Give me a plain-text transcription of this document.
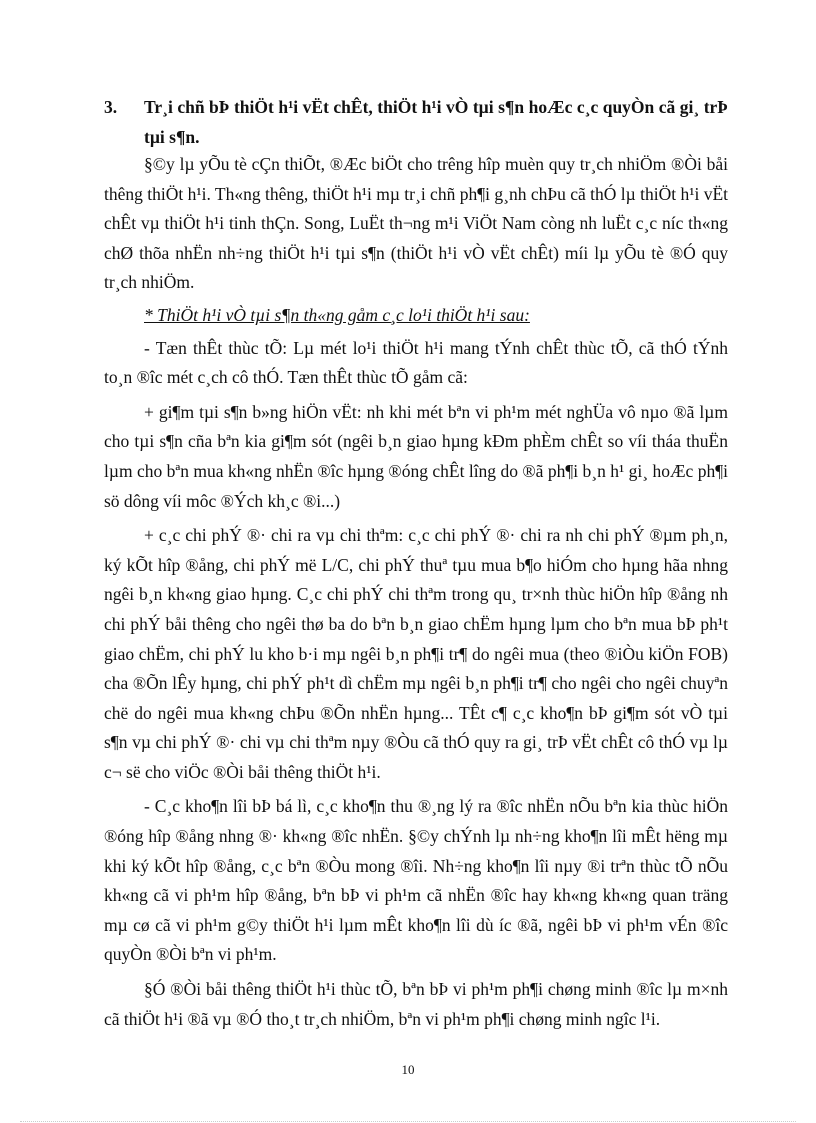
3. Tr¸i chñ bÞ thiÖt h¹i vËt chÊt, thiÖt h¹i vÒ tµi s¶n hoÆc c¸c quyÒn cã gi¸ trÞ tµi s¶n.

§©y lµ yÕu tè cÇn thiÕt, ®Æc biÖt cho trêng hîp muèn quy tr¸ch nhiÖm ®Òi båi thêng thiÖt h¹i. Th«ng thêng, thiÖt h¹i mµ tr¸i chñ ph¶i g¸nh chÞu cã thÓ lµ thiÖt h¹i vËt chÊt vµ thiÖt h¹i tinh thÇn. Song, LuËt th¬ng m¹i ViÖt Nam còng nh luËt c¸c níc th«ng chØ thõa nhËn nh÷ng thiÖt h¹i tµi s¶n (thiÖt h¹i vÒ vËt chÊt) míi lµ yÕu tè ®Ó quy tr¸ch nhiÖm.

* ThiÖt h¹i vÒ tµi s¶n th«ng gåm c¸c lo¹i thiÖt h¹i sau:

- Tæn thÊt thùc tÕ: Lµ mét lo¹i thiÖt h¹i mang tÝnh chÊt thùc tÕ, cã thÓ tÝnh to¸n ®îc mét c¸ch cô thÓ. Tæn thÊt thùc tÕ gåm cã:

+ gi¶m tµi s¶n b»ng hiÖn vËt: nh khi mét bªn vi ph¹m mét nghÜa vô nµo ®ã lµm cho tµi s¶n cña bªn kia gi¶m sót (ngêi b¸n giao hµng kÐm phÈm chÊt so víi tháa thuËn lµm cho bªn mua kh«ng nhËn ®îc hµng ®óng chÊt lîng do ®ã ph¶i b¸n h¹ gi¸ hoÆc ph¶i sö dông víi môc ®Ých kh¸c ®i...)

+ c¸c chi phÝ ®· chi ra vµ chi thªm: c¸c chi phÝ ®· chi ra nh chi phÝ ®µm ph¸n, ký kÕt hîp ®ång, chi phÝ më L/C, chi phÝ thuª tµu mua b¶o hiÓm cho hµng hãa nhng ngêi b¸n kh«ng giao hµng. C¸c chi phÝ chi thªm trong qu¸ tr×nh thùc hiÖn hîp ®ång nh chi phÝ båi thêng cho ngêi thø ba do bªn b¸n giao chËm hµng lµm cho bªn mua bÞ ph¹t giao chËm, chi phÝ lu kho b·i mµ ngêi b¸n ph¶i tr¶ do ngêi mua (theo ®iÒu kiÖn FOB) cha ®Õn lÊy hµng, chi phÝ ph¹t dì chËm mµ ngêi b¸n ph¶i tr¶ cho ngêi cho ngêi chuyªn chë do ngêi mua kh«ng chÞu ®Õn nhËn hµng... TÊt c¶ c¸c kho¶n bÞ gi¶m sót vÒ tµi s¶n vµ chi phÝ ®· chi vµ chi thªm nµy ®Òu cã thÓ quy ra gi¸ trÞ vËt chÊt cô thÓ vµ lµ c¬ së cho viÖc ®Òi båi thêng thiÖt h¹i.

- C¸c kho¶n lîi bÞ bá lì, c¸c kho¶n thu ®¸ng lý ra ®îc nhËn nÕu bªn kia thùc hiÖn ®óng hîp ®ång nhng ®· kh«ng ®îc nhËn. §©y chÝnh lµ nh÷ng kho¶n lîi mÊt hëng mµ khi ký kÕt hîp ®ång, c¸c bªn ®Òu mong ®îi. Nh÷ng kho¶n lîi nµy ®i trªn thùc tÕ nÕu kh«ng cã vi ph¹m hîp ®ång, bªn bÞ vi ph¹m cã nhËn ®îc hay kh«ng kh«ng quan träng mµ cø cã vi ph¹m g©y thiÖt h¹i lµm mÊt kho¶n lîi dù íc ®ã, ngêi bÞ vi ph¹m vÉn ®îc quyÒn ®Òi bªn vi ph¹m.

§Ó ®Òi båi thêng thiÖt h¹i thùc tÕ, bªn bÞ vi ph¹m ph¶i chøng minh ®îc lµ m×nh cã thiÖt h¹i ®ã vµ ®Ó tho¸t tr¸ch nhiÖm, bªn vi ph¹m ph¶i chøng minh ngîc l¹i.

10
